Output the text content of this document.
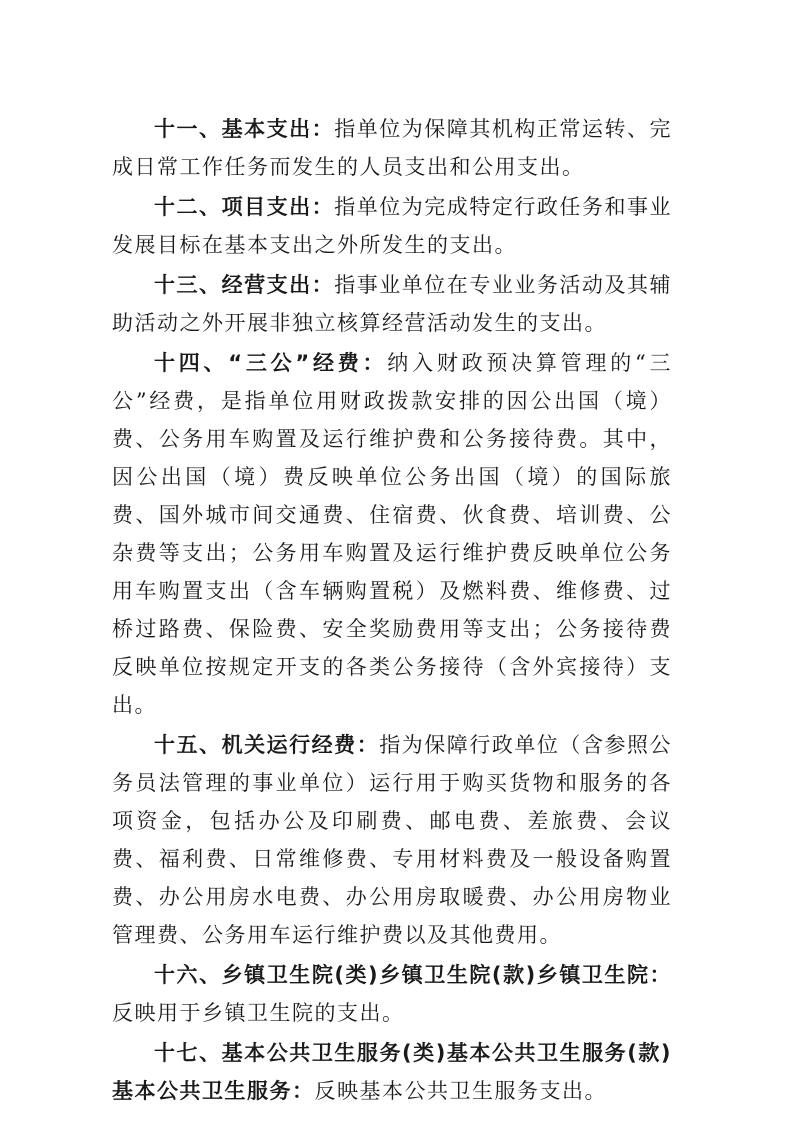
十一、基本支出：指单位为保障其机构正常运转、完成日常工作任务而发生的人员支出和公用支出。

十二、项目支出：指单位为完成特定行政任务和事业发展目标在基本支出之外所发生的支出。

十三、经营支出：指事业单位在专业业务活动及其辅助活动之外开展非独立核算经营活动发生的支出。

十四、“三公”经费：纳入财政预决算管理的“三公”经费，是指单位用财政拨款安排的因公出国（境）费、公务用车购置及运行维护费和公务接待费。其中，因公出国（境）费反映单位公务出国（境）的国际旅费、国外城市间交通费、住宿费、伙食费、培训费、公杂费等支出；公务用车购置及运行维护费反映单位公务用车购置支出（含车辆购置税）及燃料费、维修费、过桥过路费、保险费、安全奖励费用等支出；公务接待费反映单位按规定开支的各类公务接待（含外宾接待）支出。

十五、机关运行经费：指为保障行政单位（含参照公务员法管理的事业单位）运行用于购买货物和服务的各项资金，包括办公及印刷费、邮电费、差旅费、会议费、福利费、日常维修费、专用材料费及一般设备购置费、办公用房水电费、办公用房取暖费、办公用房物业管理费、公务用车运行维护费以及其他费用。

十六、乡镇卫生院(类)乡镇卫生院(款)乡镇卫生院：反映用于乡镇卫生院的支出。

十七、基本公共卫生服务(类)基本公共卫生服务(款)基本公共卫生服务：反映基本公共卫生服务支出。
